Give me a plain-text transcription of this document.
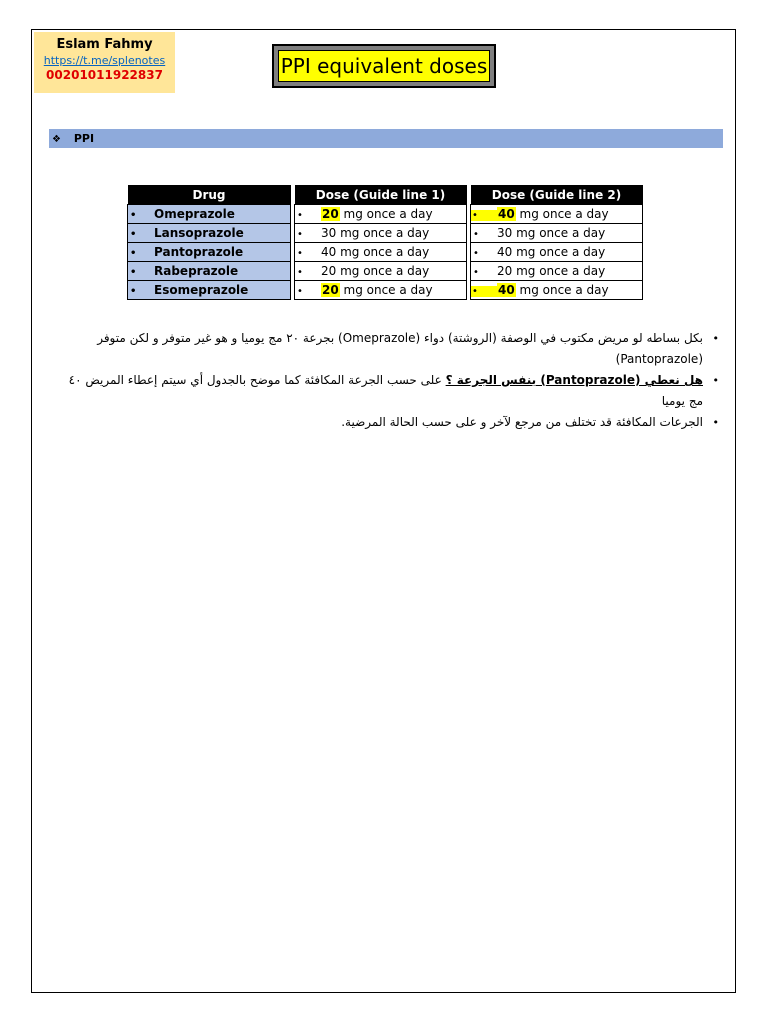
Eslam Fahmy
https://t.me/splenotes
00201011922837	PPI equivalent doses
❖ PPI
Drug		Dose (Guide line 1)		Dose (Guide line 2)
• Omeprazole		• 20 mg once a day		• 40 mg once a day
• Lansoprazole		• 30 mg once a day		• 30 mg once a day
• Pantoprazole		• 40 mg once a day		• 40 mg once a day
• Rabeprazole		• 20 mg once a day		• 20 mg once a day
• Esomeprazole		• 20 mg once a day		• 40 mg once a day
• بكل بساطه لو مريض مكتوب في الوصفة (الروشتة) دواء (Omeprazole) بجرعة ٢٠ مج يوميا و هو غير متوفر و لكن متوفر (Pantoprazole)
• هل نعطي (Pantoprazole) بنفس الجرعة ؟ على حسب الجرعة المكافئة كما موضح بالجدول أي سيتم إعطاء المريض ٤٠ مج يوميا
• الجرعات المكافئة قد تختلف من مرجع لآخر و على حسب الحالة المرضية.
